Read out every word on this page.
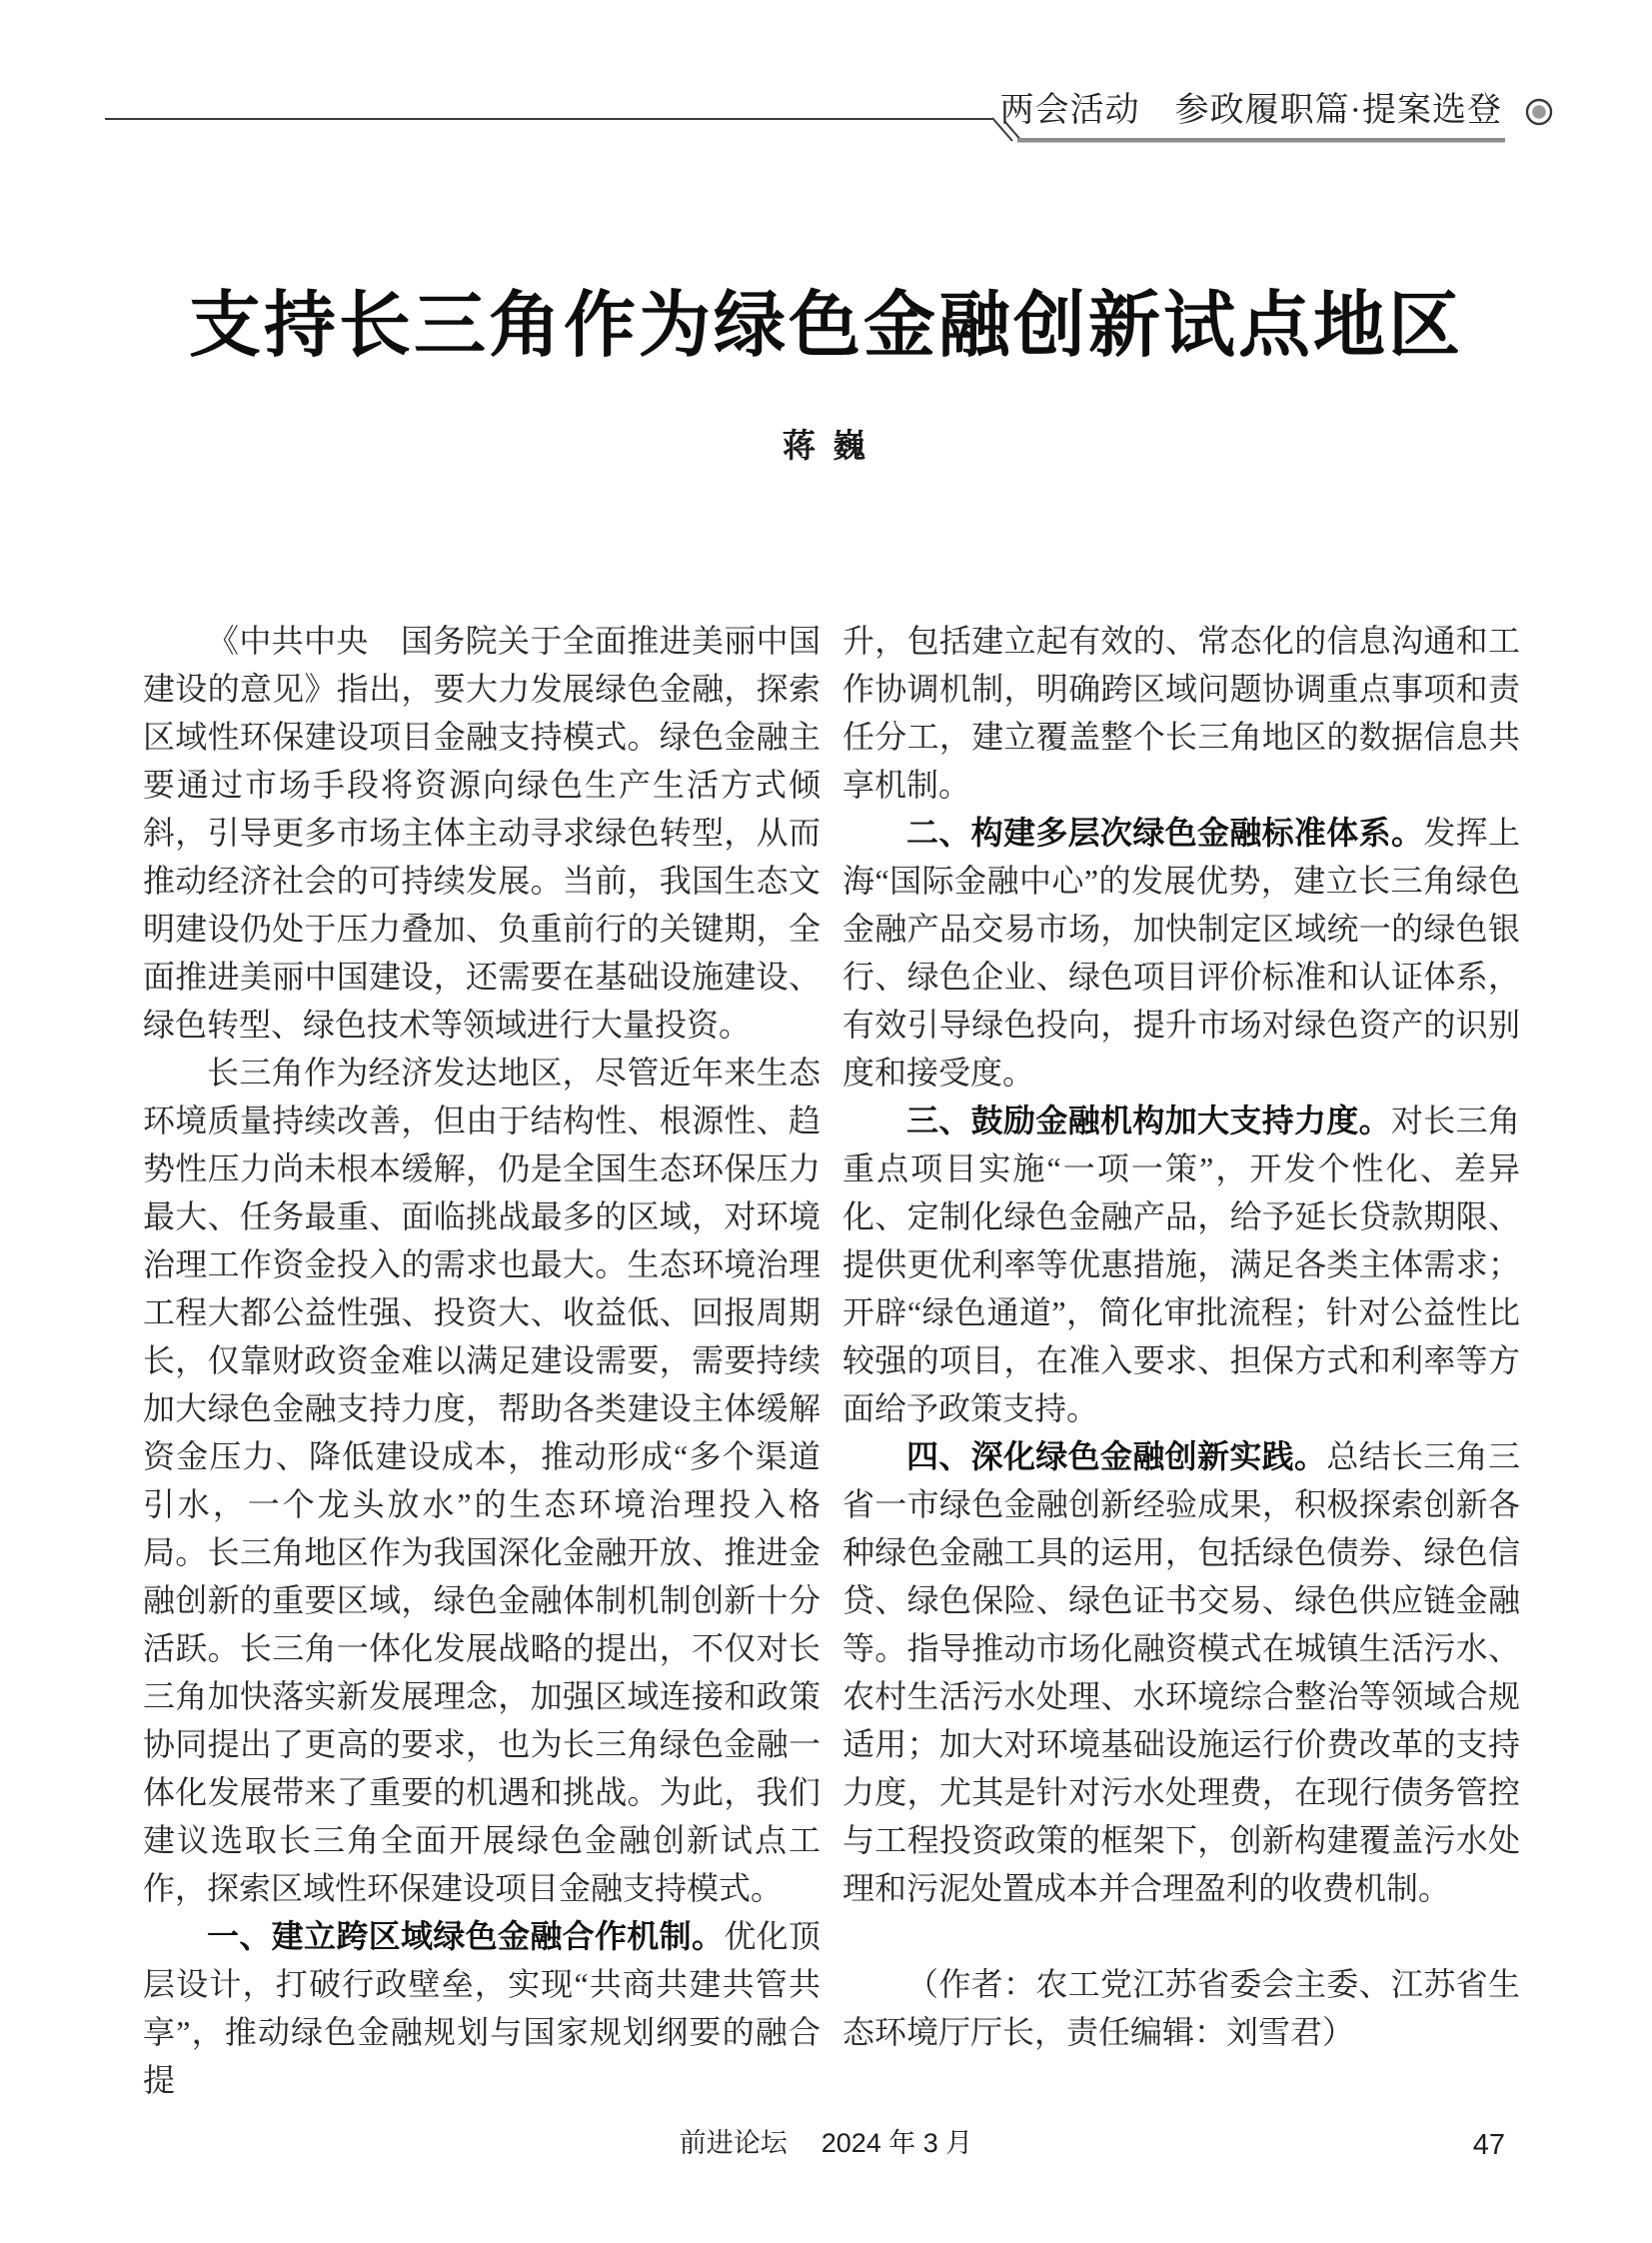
两会活动　参政履职篇·提案选登
支持长三角作为绿色金融创新试点地区
蒋 巍

《中共中央　国务院关于全面推进美丽中国建设的意见》指出，要大力发展绿色金融，探索区域性环保建设项目金融支持模式。绿色金融主要通过市场手段将资源向绿色生产生活方式倾斜，引导更多市场主体主动寻求绿色转型，从而推动经济社会的可持续发展。当前，我国生态文明建设仍处于压力叠加、负重前行的关键期，全面推进美丽中国建设，还需要在基础设施建设、绿色转型、绿色技术等领域进行大量投资。

长三角作为经济发达地区，尽管近年来生态环境质量持续改善，但由于结构性、根源性、趋势性压力尚未根本缓解，仍是全国生态环保压力最大、任务最重、面临挑战最多的区域，对环境治理工作资金投入的需求也最大。生态环境治理工程大都公益性强、投资大、收益低、回报周期长，仅靠财政资金难以满足建设需要，需要持续加大绿色金融支持力度，帮助各类建设主体缓解资金压力、降低建设成本，推动形成“多个渠道引水，一个龙头放水”的生态环境治理投入格局。长三角地区作为我国深化金融开放、推进金融创新的重要区域，绿色金融体制机制创新十分活跃。长三角一体化发展战略的提出，不仅对长三角加快落实新发展理念，加强区域连接和政策协同提出了更高的要求，也为长三角绿色金融一体化发展带来了重要的机遇和挑战。为此，我们建议选取长三角全面开展绿色金融创新试点工作，探索区域性环保建设项目金融支持模式。

一、建立跨区域绿色金融合作机制。优化顶层设计，打破行政壁垒，实现“共商共建共管共享”，推动绿色金融规划与国家规划纲要的融合提

升，包括建立起有效的、常态化的信息沟通和工作协调机制，明确跨区域问题协调重点事项和责任分工，建立覆盖整个长三角地区的数据信息共享机制。

二、构建多层次绿色金融标准体系。发挥上海“国际金融中心”的发展优势，建立长三角绿色金融产品交易市场，加快制定区域统一的绿色银行、绿色企业、绿色项目评价标准和认证体系，有效引导绿色投向，提升市场对绿色资产的识别度和接受度。

三、鼓励金融机构加大支持力度。对长三角重点项目实施“一项一策”，开发个性化、差异化、定制化绿色金融产品，给予延长贷款期限、提供更优利率等优惠措施，满足各类主体需求；开辟“绿色通道”，简化审批流程；针对公益性比较强的项目，在准入要求、担保方式和利率等方面给予政策支持。

四、深化绿色金融创新实践。总结长三角三省一市绿色金融创新经验成果，积极探索创新各种绿色金融工具的运用，包括绿色债券、绿色信贷、绿色保险、绿色证书交易、绿色供应链金融等。指导推动市场化融资模式在城镇生活污水、农村生活污水处理、水环境综合整治等领域合规适用；加大对环境基础设施运行价费改革的支持力度，尤其是针对污水处理费，在现行债务管控与工程投资政策的框架下，创新构建覆盖污水处理和污泥处置成本并合理盈利的收费机制。

（作者：农工党江苏省委会主委、江苏省生态环境厅厅长，责任编辑：刘雪君）

前进论坛 2024 年 3 月	47
